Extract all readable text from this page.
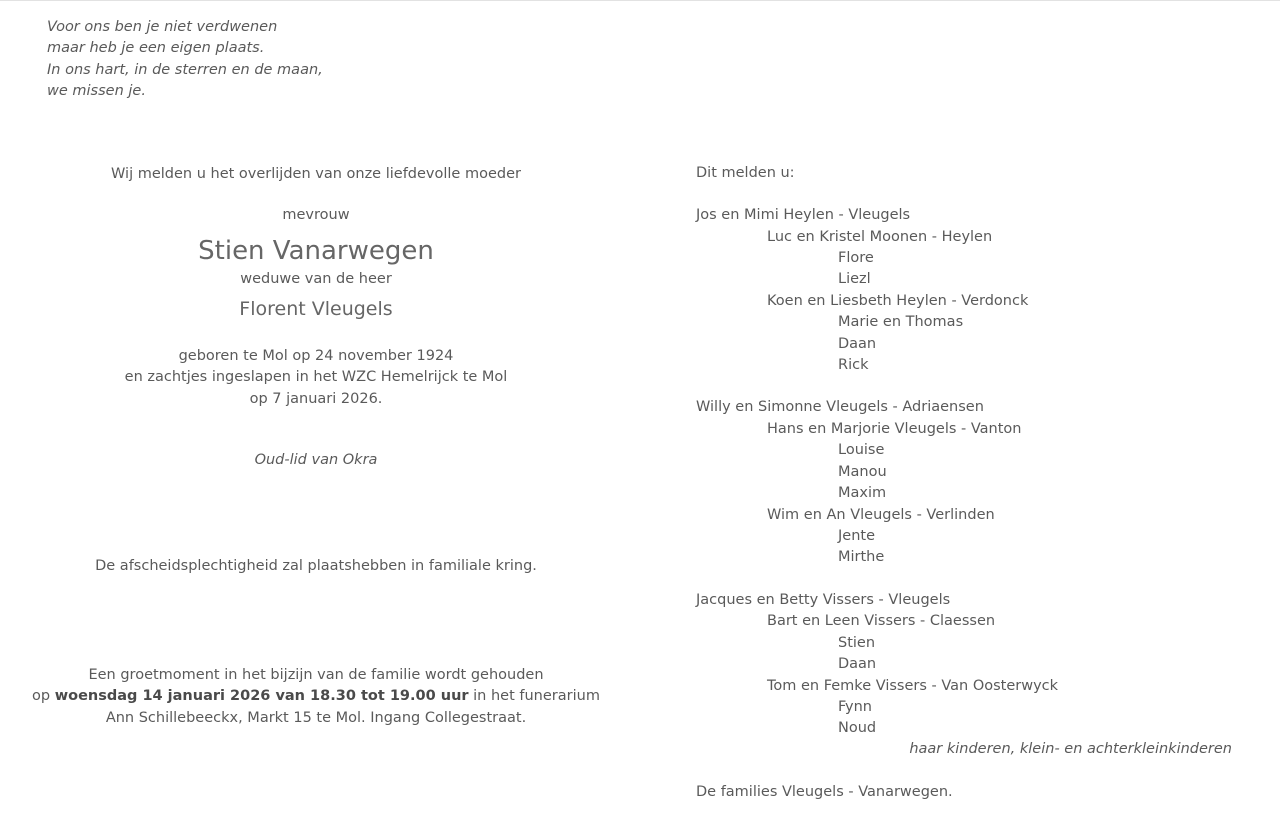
Voor ons ben je niet verdwenen
maar heb je een eigen plaats.
In ons hart, in de sterren en de maan,
we missen je.
Wij melden u het overlijden van onze liefdevolle moeder
mevrouw
Stien Vanarwegen
weduwe van de heer
Florent Vleugels
geboren te Mol op 24 november 1924
en zachtjes ingeslapen in het WZC Hemelrijck te Mol
op 7 januari 2026.
Oud-lid van Okra
De afscheidsplechtigheid zal plaatshebben in familiale kring.
Een groetmoment in het bijzijn van de familie wordt gehouden
op woensdag 14 januari 2026 van 18.30 tot 19.00 uur in het funerarium
Ann Schillebeeckx, Markt 15 te Mol. Ingang Collegestraat.
Dit melden u:
Jos en Mimi Heylen - Vleugels
Luc en Kristel Moonen - Heylen
Flore
Liezl
Koen en Liesbeth Heylen - Verdonck
Marie en Thomas
Daan
Rick
Willy en Simonne Vleugels - Adriaensen
Hans en Marjorie Vleugels - Vanton
Louise
Manou
Maxim
Wim en An Vleugels - Verlinden
Jente
Mirthe
Jacques en Betty Vissers - Vleugels
Bart en Leen Vissers - Claessen
Stien
Daan
Tom en Femke Vissers - Van Oosterwyck
Fynn
Noud
haar kinderen, klein- en achterkleinkinderen
De families Vleugels - Vanarwegen.
